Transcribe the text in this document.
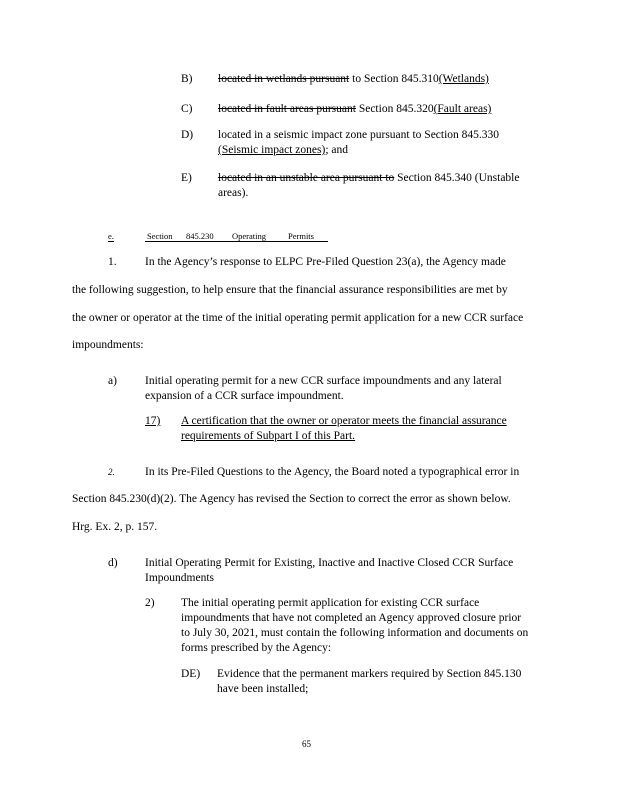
B) located in wetlands pursuant to Section 845.310(Wetlands)
C) located in fault areas pursuant Section 845.320(Fault areas)
D) located in a seismic impact zone pursuant to Section 845.330
(Seismic impact zones); and
E) located in an unstable area pursuant to Section 845.340 (Unstable
areas).
e.	Section 845.230 Operating	Permits
1. In the Agency’s response to ELPC Pre-Filed Question 23(a), the Agency made
the following suggestion, to help ensure that the financial assurance responsibilities are met by
the owner or operator at the time of the initial operating permit application for a new CCR surface
impoundments:
a) Initial operating permit for a new CCR surface impoundments and any lateral
expansion of a CCR surface impoundment.
17) A certification that the owner or operator meets the financial assurance
requirements of Subpart I of this Part.
2.	In its Pre-Filed Questions to the Agency, the Board noted a typographical error in
Section 845.230(d)(2). The Agency has revised the Section to correct the error as shown below.
Hrg. Ex. 2, p. 157.
d) Initial Operating Permit for Existing, Inactive and Inactive Closed CCR Surface
Impoundments
2) The initial operating permit application for existing CCR surface
impoundments that have not completed an Agency approved closure prior
to July 30, 2021, must contain the following information and documents on
forms prescribed by the Agency:
DE) Evidence that the permanent markers required by Section 845.130
have been installed;
65
